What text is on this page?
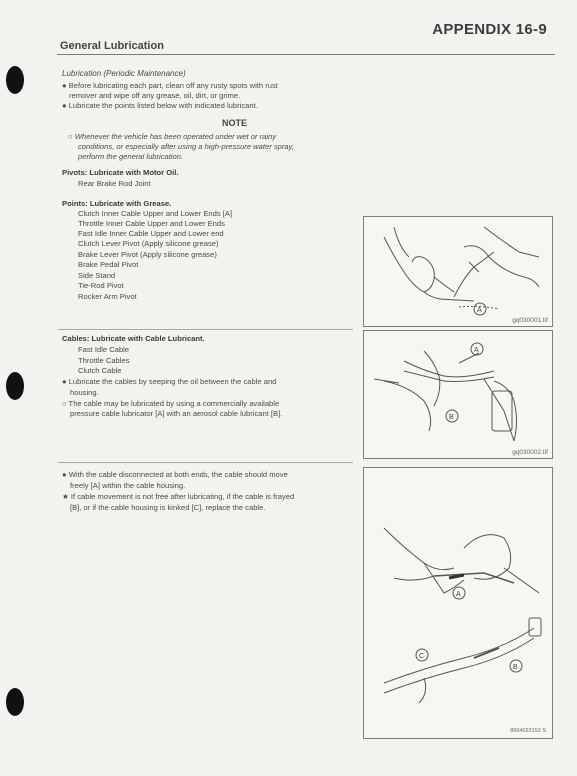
APPENDIX 16-9
General Lubrication
Lubrication (Periodic Maintenance)
● Before lubricating each part, clean off any rusty spots with rust
remover and wipe off any grease, oil, dirt, or grime.
● Lubricate the points listed below with indicated lubricant.
NOTE
○ Whenever the vehicle has been operated under wet or rainy
conditions, or especially after using a high-pressure water spray,
perform the general lubrication.
Pivots: Lubricate with Motor Oil.
Rear Brake Rod Joint
Points: Lubricate with Grease.
Clutch Inner Cable Upper and Lower Ends [A]
Throttle Inner Cable Upper and Lower Ends
Fast Idle Inner Cable Upper and Lower end
Clutch Lever Pivot (Apply silicone grease)
Brake Lever Pivot (Apply silicone grease)
Brake Pedal Pivot
Side Stand
Tie-Rod Pivot
Rocker Arm Pivot
Cables: Lubricate with Cable Lubricant.
Fast Idle Cable
Throttle Cables
Clutch Cable
● Lubricate the cables by seeping the oil between the cable and
housing.
○ The cable may be lubricated by using a commercially available
pressure cable lubricator [A] with an aerosol cable lubricant [B].
● With the cable disconnected at both ends, the cable should move
freely [A] within the cable housing.
★ If cable movement is not free after lubricating, if the cable is frayed
[B], or if the cable housing is kinked [C], replace the cable.
A
gq030001.tif
A
B
gq030002.tif
A
B
C
8604023152 S
